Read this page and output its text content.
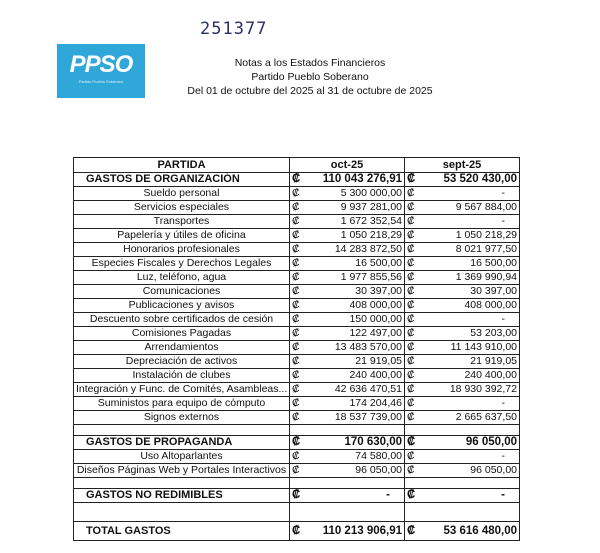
251377
PPSO
Partido Pueblo Soberano
Notas a los Estados Financieros
Partido Pueblo Soberano
Del 01 de octubre del 2025 al 31 de octubre de 2025
PARTIDA	oct-25	sept-25
GASTOS DE ORGANIZACIÓN	₡ 110 043 276,91	₡ 53 520 430,00

Sueldo personal	₡ 5 300 000,00	₡ -

Servicios especiales	₡ 9 937 281,00	₡ 9 567 884,00

Transportes	₡ 1 672 352,54	₡ -

Papelería y útiles de oficina	₡ 1 050 218,29	₡ 1 050 218,29

Honorarios profesionales	₡ 14 283 872,50	₡ 8 021 977,50

Especies Fiscales y Derechos Legales	₡ 16 500,00	₡ 16 500,00

Luz, teléfono, agua	₡ 1 977 855,56	₡ 1 369 990,94

Comunicaciones	₡ 30 397,00	₡ 30 397,00

Publicaciones y avisos	₡ 408 000,00	₡ 408 000,00

Descuento sobre certificados de cesión	₡ 150 000,00	₡ -

Comisiones Pagadas	₡ 122 497,00	₡ 53 203,00

Arrendamientos	₡ 13 483 570,00	₡ 11 143 910,00

Depreciación de activos	₡ 21 919,05	₡ 21 919,05

Instalación de clubes	₡ 240 400,00	₡ 240 400,00

Integración y Func. de Comités, Asambleas...	₡ 42 636 470,51	₡ 18 930 392,72

Suministos para equipo de cómputo	₡ 174 204,46	₡ -

Signos externos	₡ 18 537 739,00	₡ 2 665 637,50

GASTOS DE PROPAGANDA	₡ 170 630,00	₡ 96 050,00

Uso Altoparlantes	₡ 74 580,00	₡ -

Diseños Páginas Web y Portales Interactivos	₡ 96 050,00	₡ 96 050,00

GASTOS NO REDIMIBLES	₡ -	₡ -

TOTAL GASTOS	₡ 110 213 906,91	₡ 53 616 480,00
